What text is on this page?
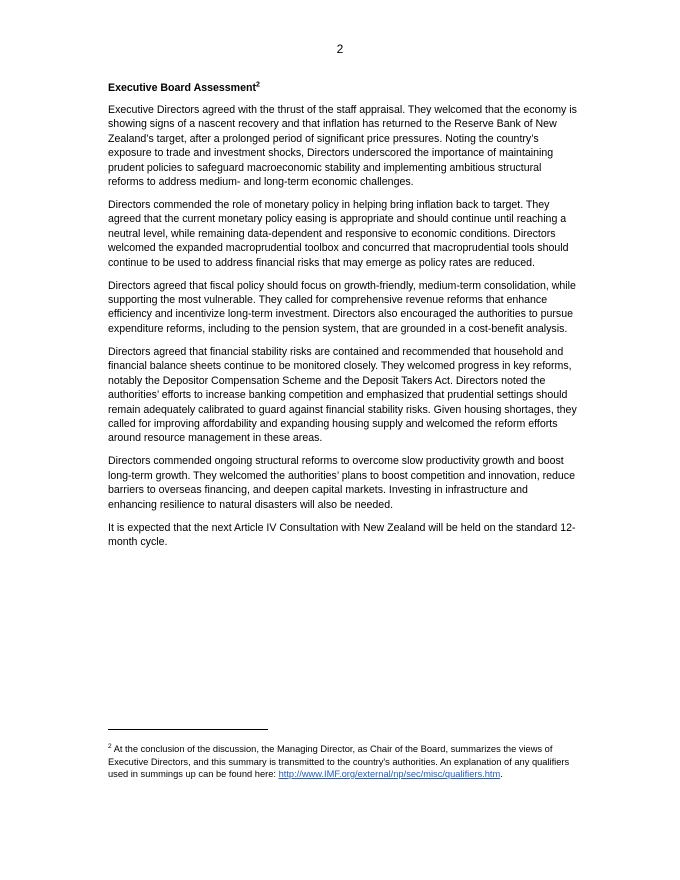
2
Executive Board Assessment$^2$

Executive Directors agreed with the thrust of the staff appraisal. They welcomed that the economy is showing signs of a nascent recovery and that inflation has returned to the Reserve Bank of New Zealand’s target, after a prolonged period of significant price pressures. Noting the country’s exposure to trade and investment shocks, Directors underscored the importance of maintaining prudent policies to safeguard macroeconomic stability and implementing ambitious structural reforms to address medium- and long-term economic challenges.

Directors commended the role of monetary policy in helping bring inflation back to target. They agreed that the current monetary policy easing is appropriate and should continue until reaching a neutral level, while remaining data-dependent and responsive to economic conditions. Directors welcomed the expanded macroprudential toolbox and concurred that macroprudential tools should continue to be used to address financial risks that may emerge as policy rates are reduced.

Directors agreed that fiscal policy should focus on growth-friendly, medium-term consolidation, while supporting the most vulnerable. They called for comprehensive revenue reforms that enhance efficiency and incentivize long-term investment. Directors also encouraged the authorities to pursue expenditure reforms, including to the pension system, that are grounded in a cost-benefit analysis.

Directors agreed that financial stability risks are contained and recommended that household and financial balance sheets continue to be monitored closely. They welcomed progress in key reforms, notably the Depositor Compensation Scheme and the Deposit Takers Act. Directors noted the authorities’ efforts to increase banking competition and emphasized that prudential settings should remain adequately calibrated to guard against financial stability risks. Given housing shortages, they called for improving affordability and expanding housing supply and welcomed the reform efforts around resource management in these areas.

Directors commended ongoing structural reforms to overcome slow productivity growth and boost long-term growth. They welcomed the authorities’ plans to boost competition and innovation, reduce barriers to overseas financing, and deepen capital markets. Investing in infrastructure and enhancing resilience to natural disasters will also be needed.

It is expected that the next Article IV Consultation with New Zealand will be held on the standard 12-month cycle.

$^2$ At the conclusion of the discussion, the Managing Director, as Chair of the Board, summarizes the views of Executive Directors, and this summary is transmitted to the country's authorities. An explanation of any qualifiers used in summings up can be found here: http://www.IMF.org/external/np/sec/misc/qualifiers.htm.
